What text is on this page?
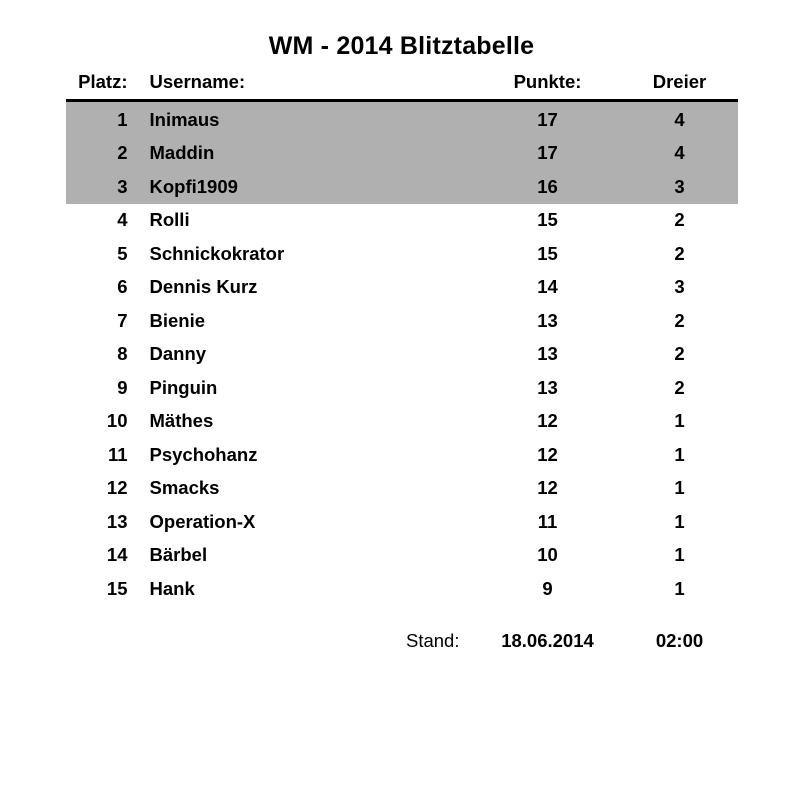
WM - 2014 Blitztabelle
Platz:	Username:	Punkte:	Dreier
1	Inimaus	17	4
2	Maddin	17	4
3	Kopfi1909	16	3
4	Rolli	15	2
5	Schnickokrator	15	2
6	Dennis Kurz	14	3
7	Bienie	13	2
8	Danny	13	2
9	Pinguin	13	2
10	Mäthes	12	1
11	Psychohanz	12	1
12	Smacks	12	1
13	Operation-X	11	1
14	Bärbel	10	1
15	Hank	9	1
Stand:	18.06.2014	02:00
